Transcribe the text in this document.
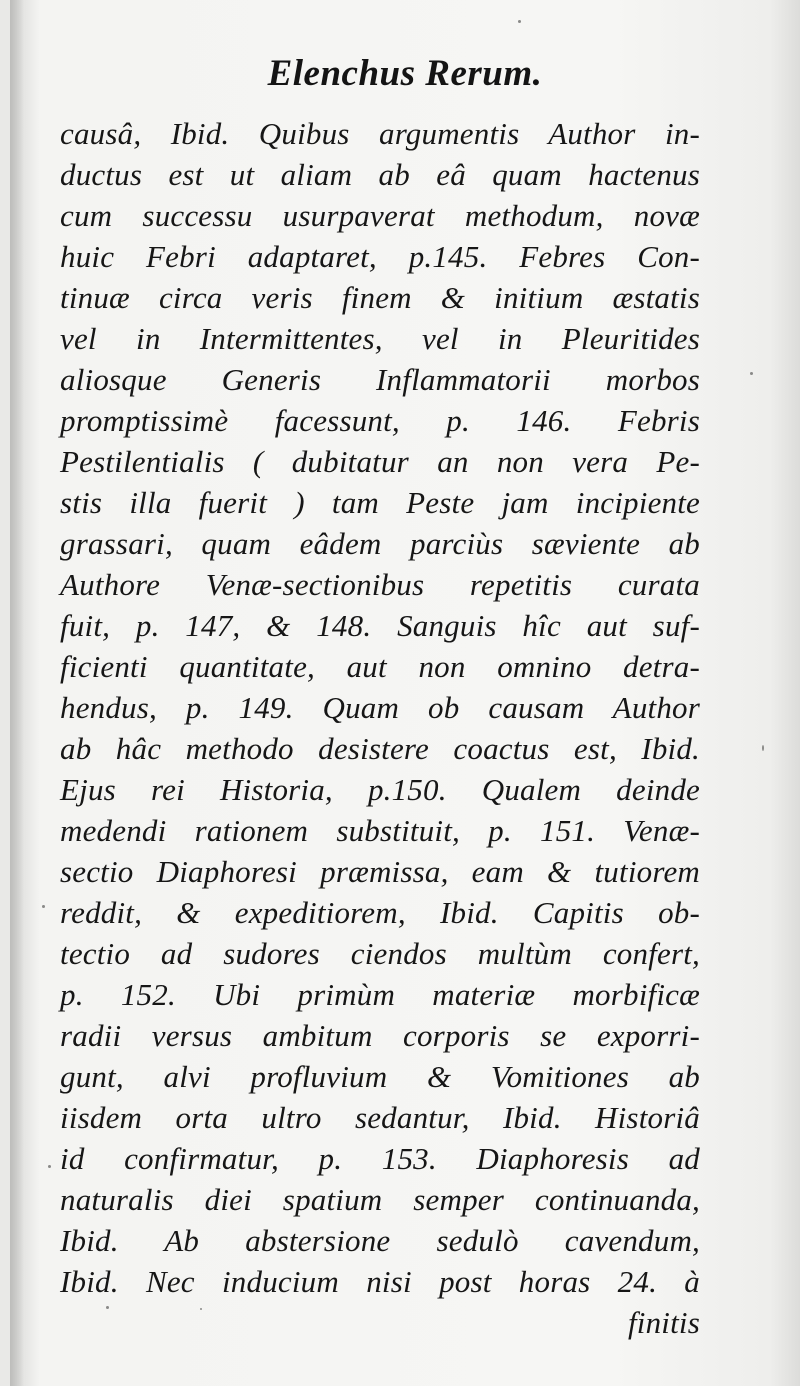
Elenchus Rerum.
causâ, Ibid. Quibus argumentis Author in-
ductus est ut aliam ab eâ quam hactenus
cum successu usurpaverat methodum, novæ
huic Febri adaptaret, p.145. Febres Con-
tinuæ circa veris finem & initium æstatis
vel in Intermittentes, vel in Pleuritides
aliosque Generis Inflammatorii morbos
promptissimè facessunt, p. 146. Febris
Pestilentialis ( dubitatur an non vera Pe-
stis illa fuerit ) tam Peste jam incipiente
grassari, quam eâdem parciùs sæviente ab
Authore Venæ-sectionibus repetitis curata
fuit, p. 147, & 148. Sanguis hîc aut suf-
ficienti quantitate, aut non omnino detra-
hendus, p. 149. Quam ob causam Author
ab hâc methodo desistere coactus est, Ibid.
Ejus rei Historia, p.150. Qualem deinde
medendi rationem substituit, p. 151. Venæ-
sectio Diaphoresi præmissa, eam & tutiorem
reddit, & expeditiorem, Ibid. Capitis ob-
tectio ad sudores ciendos multùm confert,
p. 152. Ubi primùm materiæ morbificæ
radii versus ambitum corporis se exporri-
gunt, alvi profluvium & Vomitiones ab
iisdem orta ultro sedantur, Ibid. Historiâ
id confirmatur, p. 153. Diaphoresis ad
naturalis diei spatium semper continuanda,
Ibid. Ab abstersione sedulò cavendum,
Ibid. Nec inducium nisi post horas 24. à
finitis
